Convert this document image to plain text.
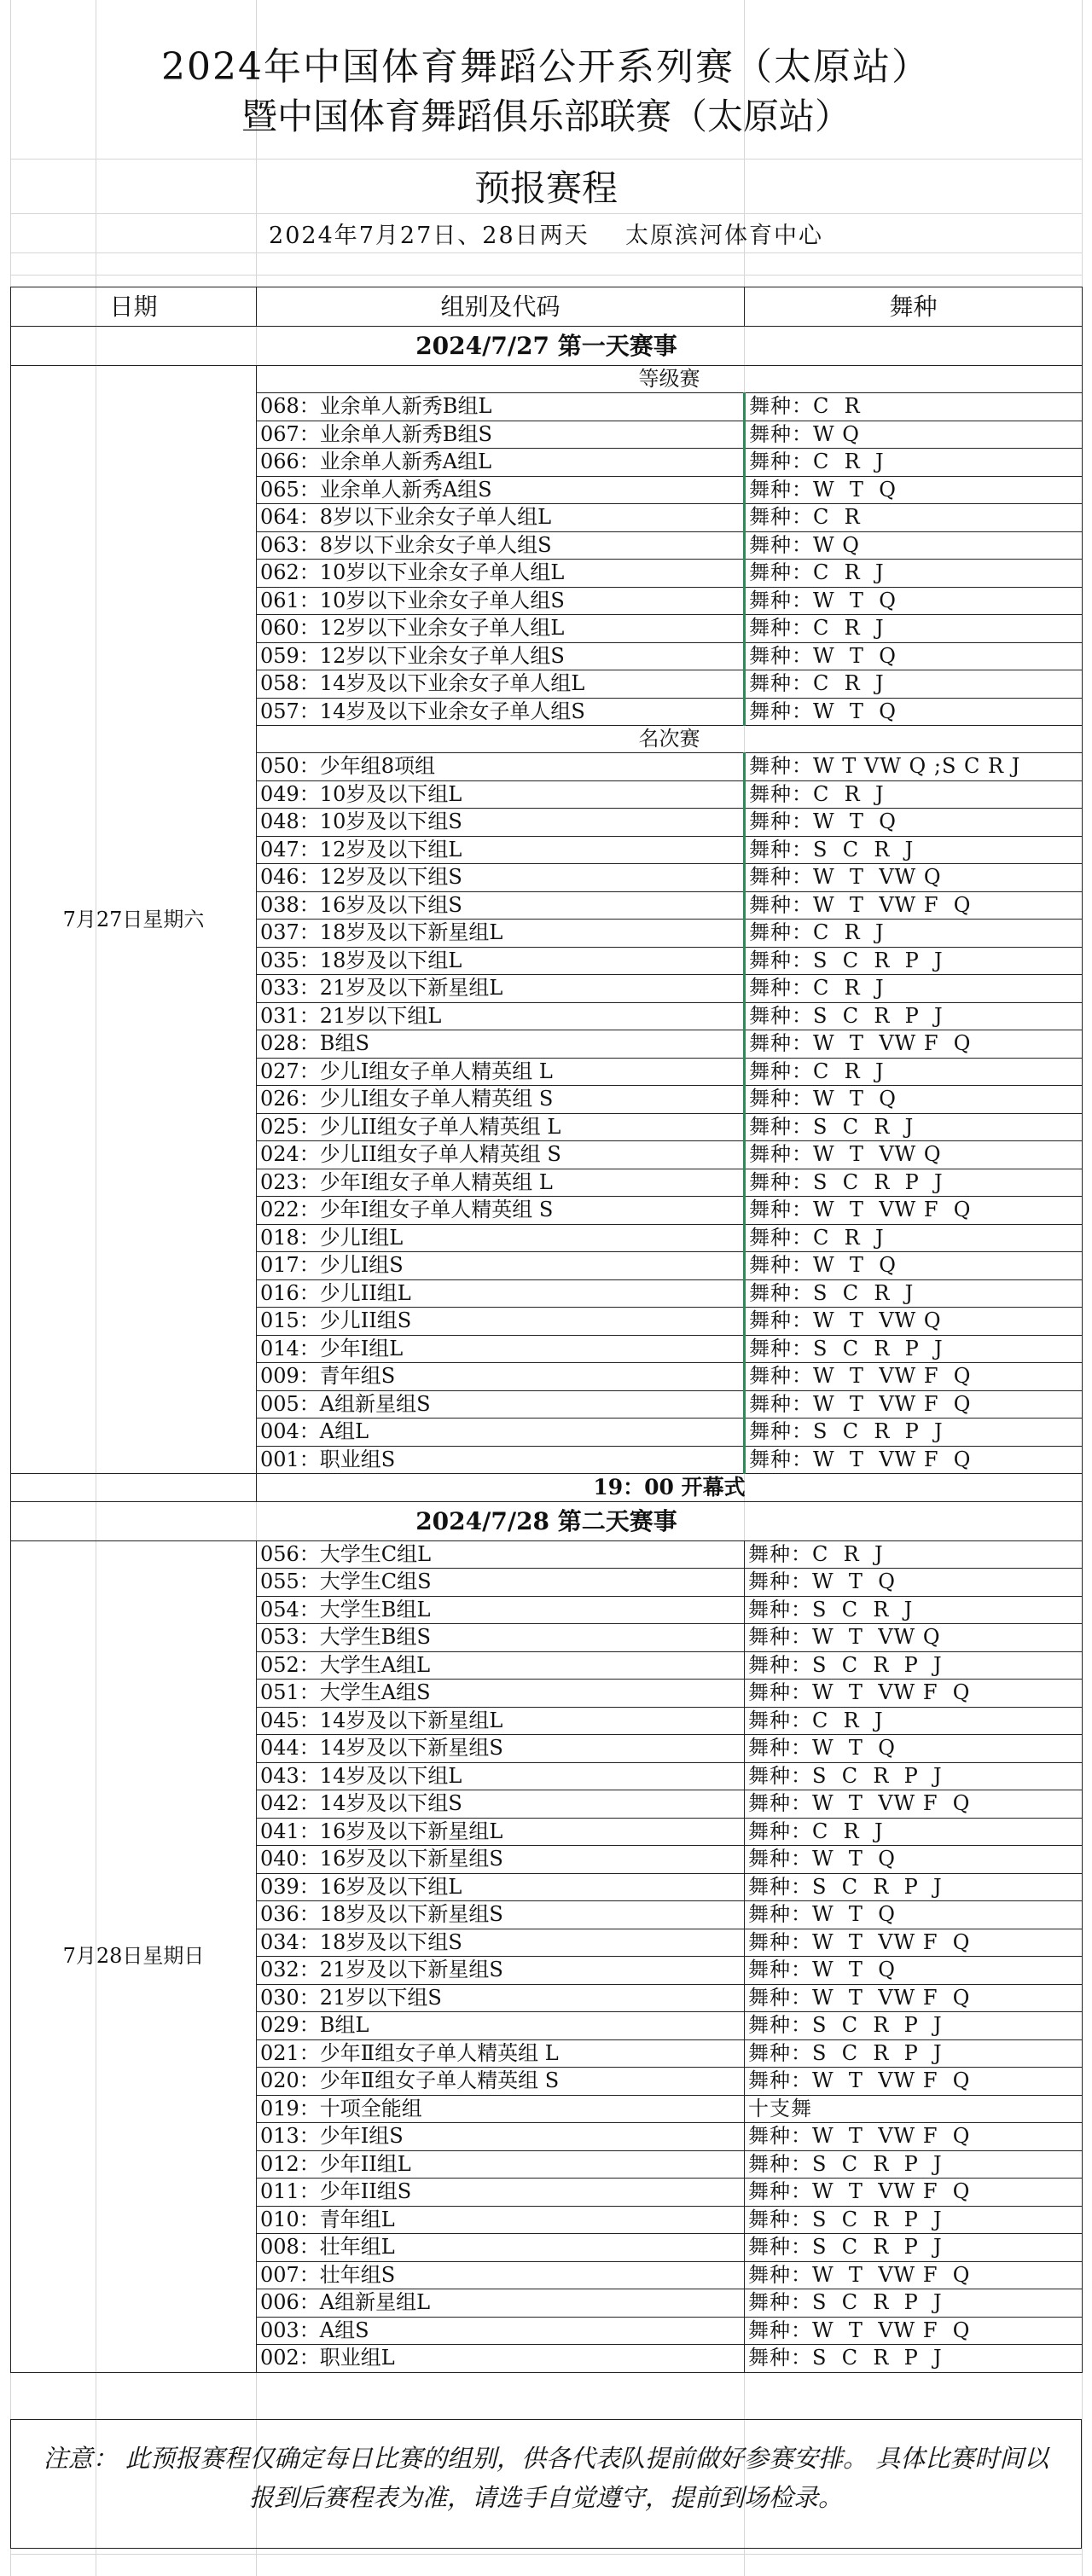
2024年中国体育舞蹈公开系列赛（太原站）
暨中国体育舞蹈俱乐部联赛（太原站）
预报赛程
2024年7月27日、28日两天    太原滨河体育中心
日期	组别及代码	舞种
2024/7/27 第一天赛事		
7月27日星期六	等级赛	
	068：业余单人新秀B组L	舞种：C  R
	067：业余单人新秀B组S	舞种：W Q
	066：业余单人新秀A组L	舞种：C  R  J
	065：业余单人新秀A组S	舞种：W  T  Q
	064：8岁以下业余女子单人组L	舞种：C  R
	063：8岁以下业余女子单人组S	舞种：W Q
	062：10岁以下业余女子单人组L	舞种：C  R  J
	061：10岁以下业余女子单人组S	舞种：W  T  Q
	060：12岁以下业余女子单人组L	舞种：C  R  J
	059：12岁以下业余女子单人组S	舞种：W  T  Q
	058：14岁及以下业余女子单人组L	舞种：C  R  J
	057：14岁及以下业余女子单人组S	舞种：W  T  Q
	名次赛	
	050：少年组8项组	舞种：W T VW Q ;S C R J
	049：10岁及以下组L	舞种：C  R  J
	048：10岁及以下组S	舞种：W  T  Q
	047：12岁及以下组L	舞种：S  C  R  J
	046：12岁及以下组S	舞种：W  T  VW Q
	038：16岁及以下组S	舞种：W  T  VW F  Q
	037：18岁及以下新星组L	舞种：C  R  J
	035：18岁及以下组L	舞种：S  C  R  P  J
	033：21岁及以下新星组L	舞种：C  R  J
	031：21岁以下组L	舞种：S  C  R  P  J
	028：B组S	舞种：W  T  VW F  Q
	027：少儿I组女子单人精英组 L	舞种：C  R  J
	026：少儿I组女子单人精英组 S	舞种：W  T  Q
	025：少儿II组女子单人精英组 L	舞种：S  C  R  J
	024：少儿II组女子单人精英组 S	舞种：W  T  VW Q
	023：少年I组女子单人精英组 L	舞种：S  C  R  P  J
	022：少年I组女子单人精英组 S	舞种：W  T  VW F  Q
	018：少儿I组L	舞种：C  R  J
	017：少儿I组S	舞种：W  T  Q
	016：少儿II组L	舞种：S  C  R  J
	015：少儿II组S	舞种：W  T  VW Q
	014：少年I组L	舞种：S  C  R  P  J
	009：青年组S	舞种：W  T  VW F  Q
	005：A组新星组S	舞种：W  T  VW F  Q
	004：A组L	舞种：S  C  R  P  J
	001：职业组S	舞种：W  T  VW F  Q
	19：00 开幕式	
2024/7/28 第二天赛事		
7月28日星期日	056：大学生C组L	舞种：C  R  J
	055：大学生C组S	舞种：W  T  Q
	054：大学生B组L	舞种：S  C  R  J
	053：大学生B组S	舞种：W  T  VW Q
	052：大学生A组L	舞种：S  C  R  P  J
	051：大学生A组S	舞种：W  T  VW F  Q
	045：14岁及以下新星组L	舞种：C  R  J
	044：14岁及以下新星组S	舞种：W  T  Q
	043：14岁及以下组L	舞种：S  C  R  P  J
	042：14岁及以下组S	舞种：W  T  VW F  Q
	041：16岁及以下新星组L	舞种：C  R  J
	040：16岁及以下新星组S	舞种：W  T  Q
	039：16岁及以下组L	舞种：S  C  R  P  J
	036：18岁及以下新星组S	舞种：W  T  Q
	034：18岁及以下组S	舞种：W  T  VW F  Q
	032：21岁及以下新星组S	舞种：W  T  Q
	030：21岁以下组S	舞种：W  T  VW F  Q
	029：B组L	舞种：S  C  R  P  J
	021：少年Ⅱ组女子单人精英组 L	舞种：S  C  R  P  J
	020：少年Ⅱ组女子单人精英组 S	舞种：W  T  VW F  Q
	019：十项全能组	十支舞
	013：少年I组S	舞种：W  T  VW F  Q
	012：少年II组L	舞种：S  C  R  P  J
	011：少年II组S	舞种：W  T  VW F  Q
	010：青年组L	舞种：S  C  R  P  J
	008：壮年组L	舞种：S  C  R  P  J
	007：壮年组S	舞种：W  T  VW F  Q
	006：A组新星组L	舞种：S  C  R  P  J
	003：A组S	舞种：W  T  VW F  Q
	002：职业组L	舞种：S  C  R  P  J
注意： 此预报赛程仅确定每日比赛的组别，供各代表队提前做好参赛安排。 具体比赛时间以报到后赛程表为准，请选手自觉遵守，提前到场检录。
